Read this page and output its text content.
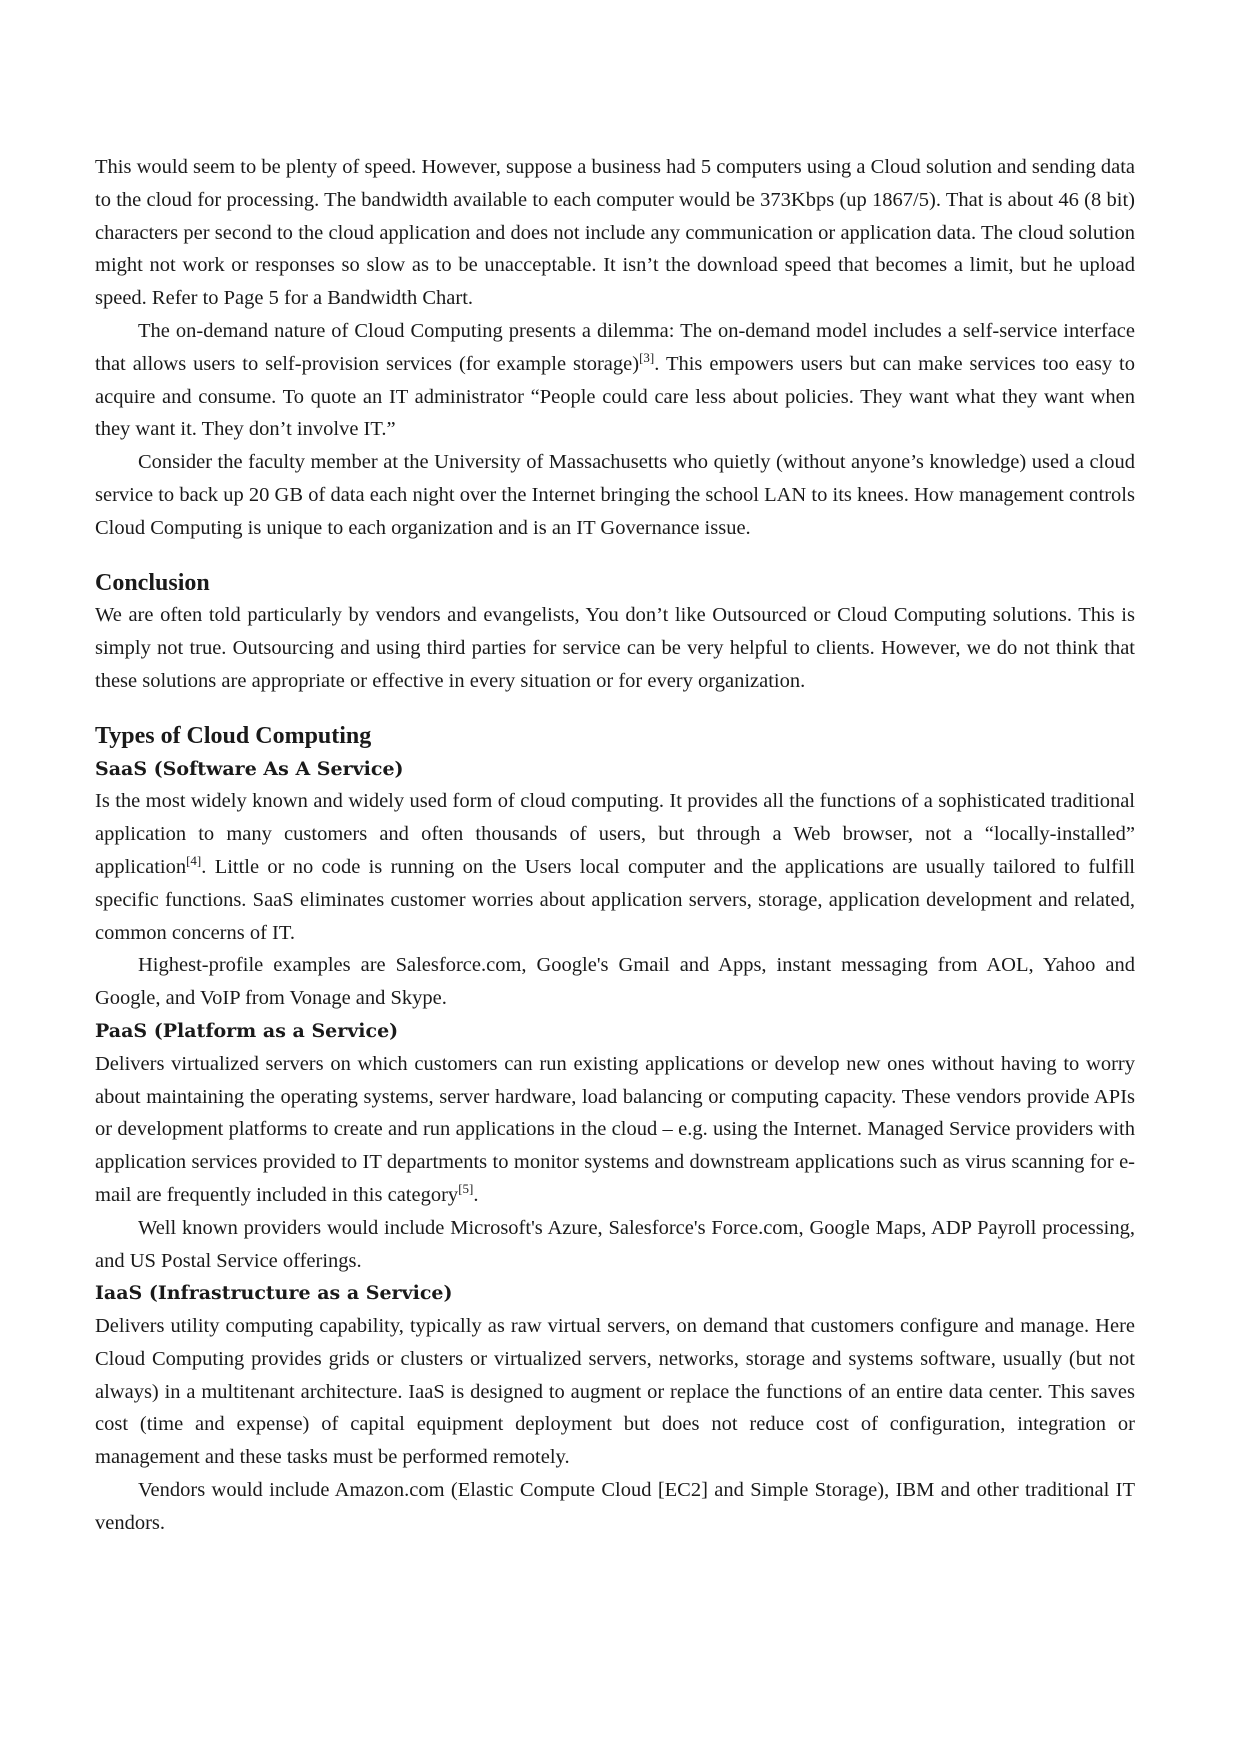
This would seem to be plenty of speed. However, suppose a business had 5 computers using a Cloud solution and sending data to the cloud for processing. The bandwidth available to each computer would be 373Kbps (up 1867/5). That is about 46 (8 bit) characters per second to the cloud application and does not include any communication or application data. The cloud solution might not work or responses so slow as to be unacceptable. It isn’t the download speed that becomes a limit, but he upload speed. Refer to Page 5 for a Bandwidth Chart.

The on-demand nature of Cloud Computing presents a dilemma: The on-demand model includes a self-service interface that allows users to self-provision services (for example storage)[3]. This empowers users but can make services too easy to acquire and consume. To quote an IT administrator “People could care less about policies. They want what they want when they want it. They don’t involve IT.”

Consider the faculty member at the University of Massachusetts who quietly (without anyone’s knowledge) used a cloud service to back up 20 GB of data each night over the Internet bringing the school LAN to its knees. How management controls Cloud Computing is unique to each organization and is an IT Governance issue.

Conclusion

We are often told particularly by vendors and evangelists, You don’t like Outsourced or Cloud Computing solutions. This is simply not true. Outsourcing and using third parties for service can be very helpful to clients. However, we do not think that these solutions are appropriate or effective in every situation or for every organization.

Types of Cloud Computing
SaaS (Software As A Service)

Is the most widely known and widely used form of cloud computing. It provides all the functions of a sophisticated traditional application to many customers and often thousands of users, but through a Web browser, not a “locally-installed” application[4]. Little or no code is running on the Users local computer and the applications are usually tailored to fulfill specific functions. SaaS eliminates customer worries about application servers, storage, application development and related, common concerns of IT.

Highest-profile examples are Salesforce.com, Google's Gmail and Apps, instant messaging from AOL, Yahoo and Google, and VoIP from Vonage and Skype.

PaaS (Platform as a Service)

Delivers virtualized servers on which customers can run existing applications or develop new ones without having to worry about maintaining the operating systems, server hardware, load balancing or computing capacity. These vendors provide APIs or development platforms to create and run applications in the cloud – e.g. using the Internet. Managed Service providers with application services provided to IT departments to monitor systems and downstream applications such as virus scanning for e-mail are frequently included in this category[5].

Well known providers would include Microsoft's Azure, Salesforce's Force.com, Google Maps, ADP Payroll processing, and US Postal Service offerings.

IaaS (Infrastructure as a Service)

Delivers utility computing capability, typically as raw virtual servers, on demand that customers configure and manage. Here Cloud Computing provides grids or clusters or virtualized servers, networks, storage and systems software, usually (but not always) in a multitenant architecture. IaaS is designed to augment or replace the functions of an entire data center. This saves cost (time and expense) of capital equipment deployment but does not reduce cost of configuration, integration or management and these tasks must be performed remotely.

Vendors would include Amazon.com (Elastic Compute Cloud [EC2] and Simple Storage), IBM and other traditional IT vendors.
